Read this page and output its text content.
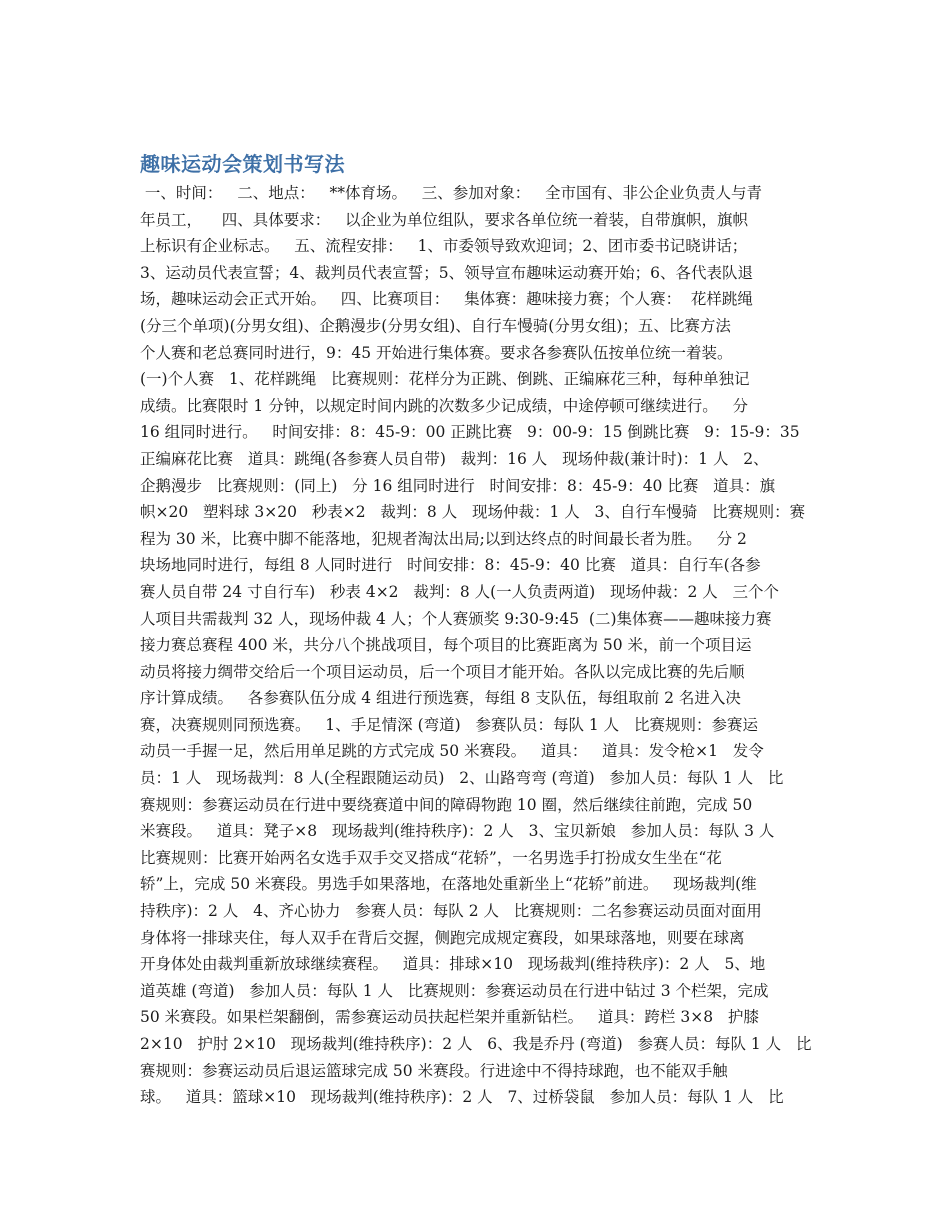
趣味运动会策划书写法
一、时间：   二、地点：   **体育场。   三、参加对象：   全市国有、非公企业负责人与青
年员工，    四、具体要求：   以企业为单位组队，要求各单位统一着装，自带旗帜，旗帜
上标识有企业标志。   五、流程安排：   1、市委领导致欢迎词；2、团市委书记晓讲话；
3、运动员代表宣誓；4、裁判员代表宣誓；5、领导宣布趣味运动赛开始；6、各代表队退
场，趣味运动会正式开始。   四、比赛项目：   集体赛：趣味接力赛；个人赛：  花样跳绳
(分三个单项)(分男女组)、企鹅漫步(分男女组)、自行车慢骑(分男女组)；五、比赛方法
个人赛和老总赛同时进行，9：45 开始进行集体赛。要求各参赛队伍按单位统一着装。
(一)个人赛   1、花样跳绳   比赛规则：花样分为正跳、倒跳、正编麻花三种，每种单独记
成绩。比赛限时 1 分钟，以规定时间内跳的次数多少记成绩，中途停顿可继续进行。   分
16 组同时进行。   时间安排：8：45-9：00 正跳比赛   9：00-9：15 倒跳比赛   9：15-9：35
正编麻花比赛   道具：跳绳(各参赛人员自带)   裁判：16 人   现场仲裁(兼计时)：1 人   2、
企鹅漫步   比赛规则：(同上)   分 16 组同时进行   时间安排：8：45-9：40 比赛   道具：旗
帜×20   塑料球 3×20   秒表×2   裁判：8 人   现场仲裁：1 人   3、自行车慢骑   比赛规则：赛
程为 30 米，比赛中脚不能落地，犯规者淘汰出局;以到达终点的时间最长者为胜。   分 2
块场地同时进行，每组 8 人同时进行   时间安排：8：45-9：40 比赛   道具：自行车(各参
赛人员自带 24 寸自行车)   秒表 4×2   裁判：8 人(一人负责两道)   现场仲裁：2 人   三个个
人项目共需裁判 32 人，现场仲裁 4 人；个人赛颁奖 9:30-9:45  (二)集体赛——趣味接力赛
接力赛总赛程 400 米，共分八个挑战项目，每个项目的比赛距离为 50 米，前一个项目运
动员将接力绸带交给后一个项目运动员，后一个项目才能开始。各队以完成比赛的先后顺
序计算成绩。   各参赛队伍分成 4 组进行预选赛，每组 8 支队伍，每组取前 2 名进入决
赛，决赛规则同预选赛。   1、手足情深 (弯道)   参赛队员：每队 1 人   比赛规则：参赛运
动员一手握一足，然后用单足跳的方式完成 50 米赛段。   道具：   道具：发令枪×1   发令
员：1 人   现场裁判：8 人(全程跟随运动员)   2、山路弯弯 (弯道)   参加人员：每队 1 人   比
赛规则：参赛运动员在行进中要绕赛道中间的障碍物跑 10 圈，然后继续往前跑，完成 50
米赛段。   道具：凳子×8   现场裁判(维持秩序)：2 人   3、宝贝新娘   参加人员：每队 3 人
比赛规则：比赛开始两名女选手双手交叉搭成“花轿”，一名男选手打扮成女生坐在“花
轿”上，完成 50 米赛段。男选手如果落地，在落地处重新坐上“花轿”前进。   现场裁判(维
持秩序)：2 人   4、齐心协力   参赛人员：每队 2 人   比赛规则：二名参赛运动员面对面用
身体将一排球夹住，每人双手在背后交握，侧跑完成规定赛段，如果球落地，则要在球离
开身体处由裁判重新放球继续赛程。   道具：排球×10   现场裁判(维持秩序)：2 人   5、地
道英雄 (弯道)   参加人员：每队 1 人   比赛规则：参赛运动员在行进中钻过 3 个栏架，完成
50 米赛段。如果栏架翻倒，需参赛运动员扶起栏架并重新钻栏。   道具：跨栏 3×8   护膝
2×10   护肘 2×10   现场裁判(维持秩序)：2 人   6、我是乔丹 (弯道)   参赛人员：每队 1 人   比
赛规则：参赛运动员后退运篮球完成 50 米赛段。行进途中不得持球跑，也不能双手触
球。   道具：篮球×10   现场裁判(维持秩序)：2 人   7、过桥袋鼠   参加人员：每队 1 人   比
